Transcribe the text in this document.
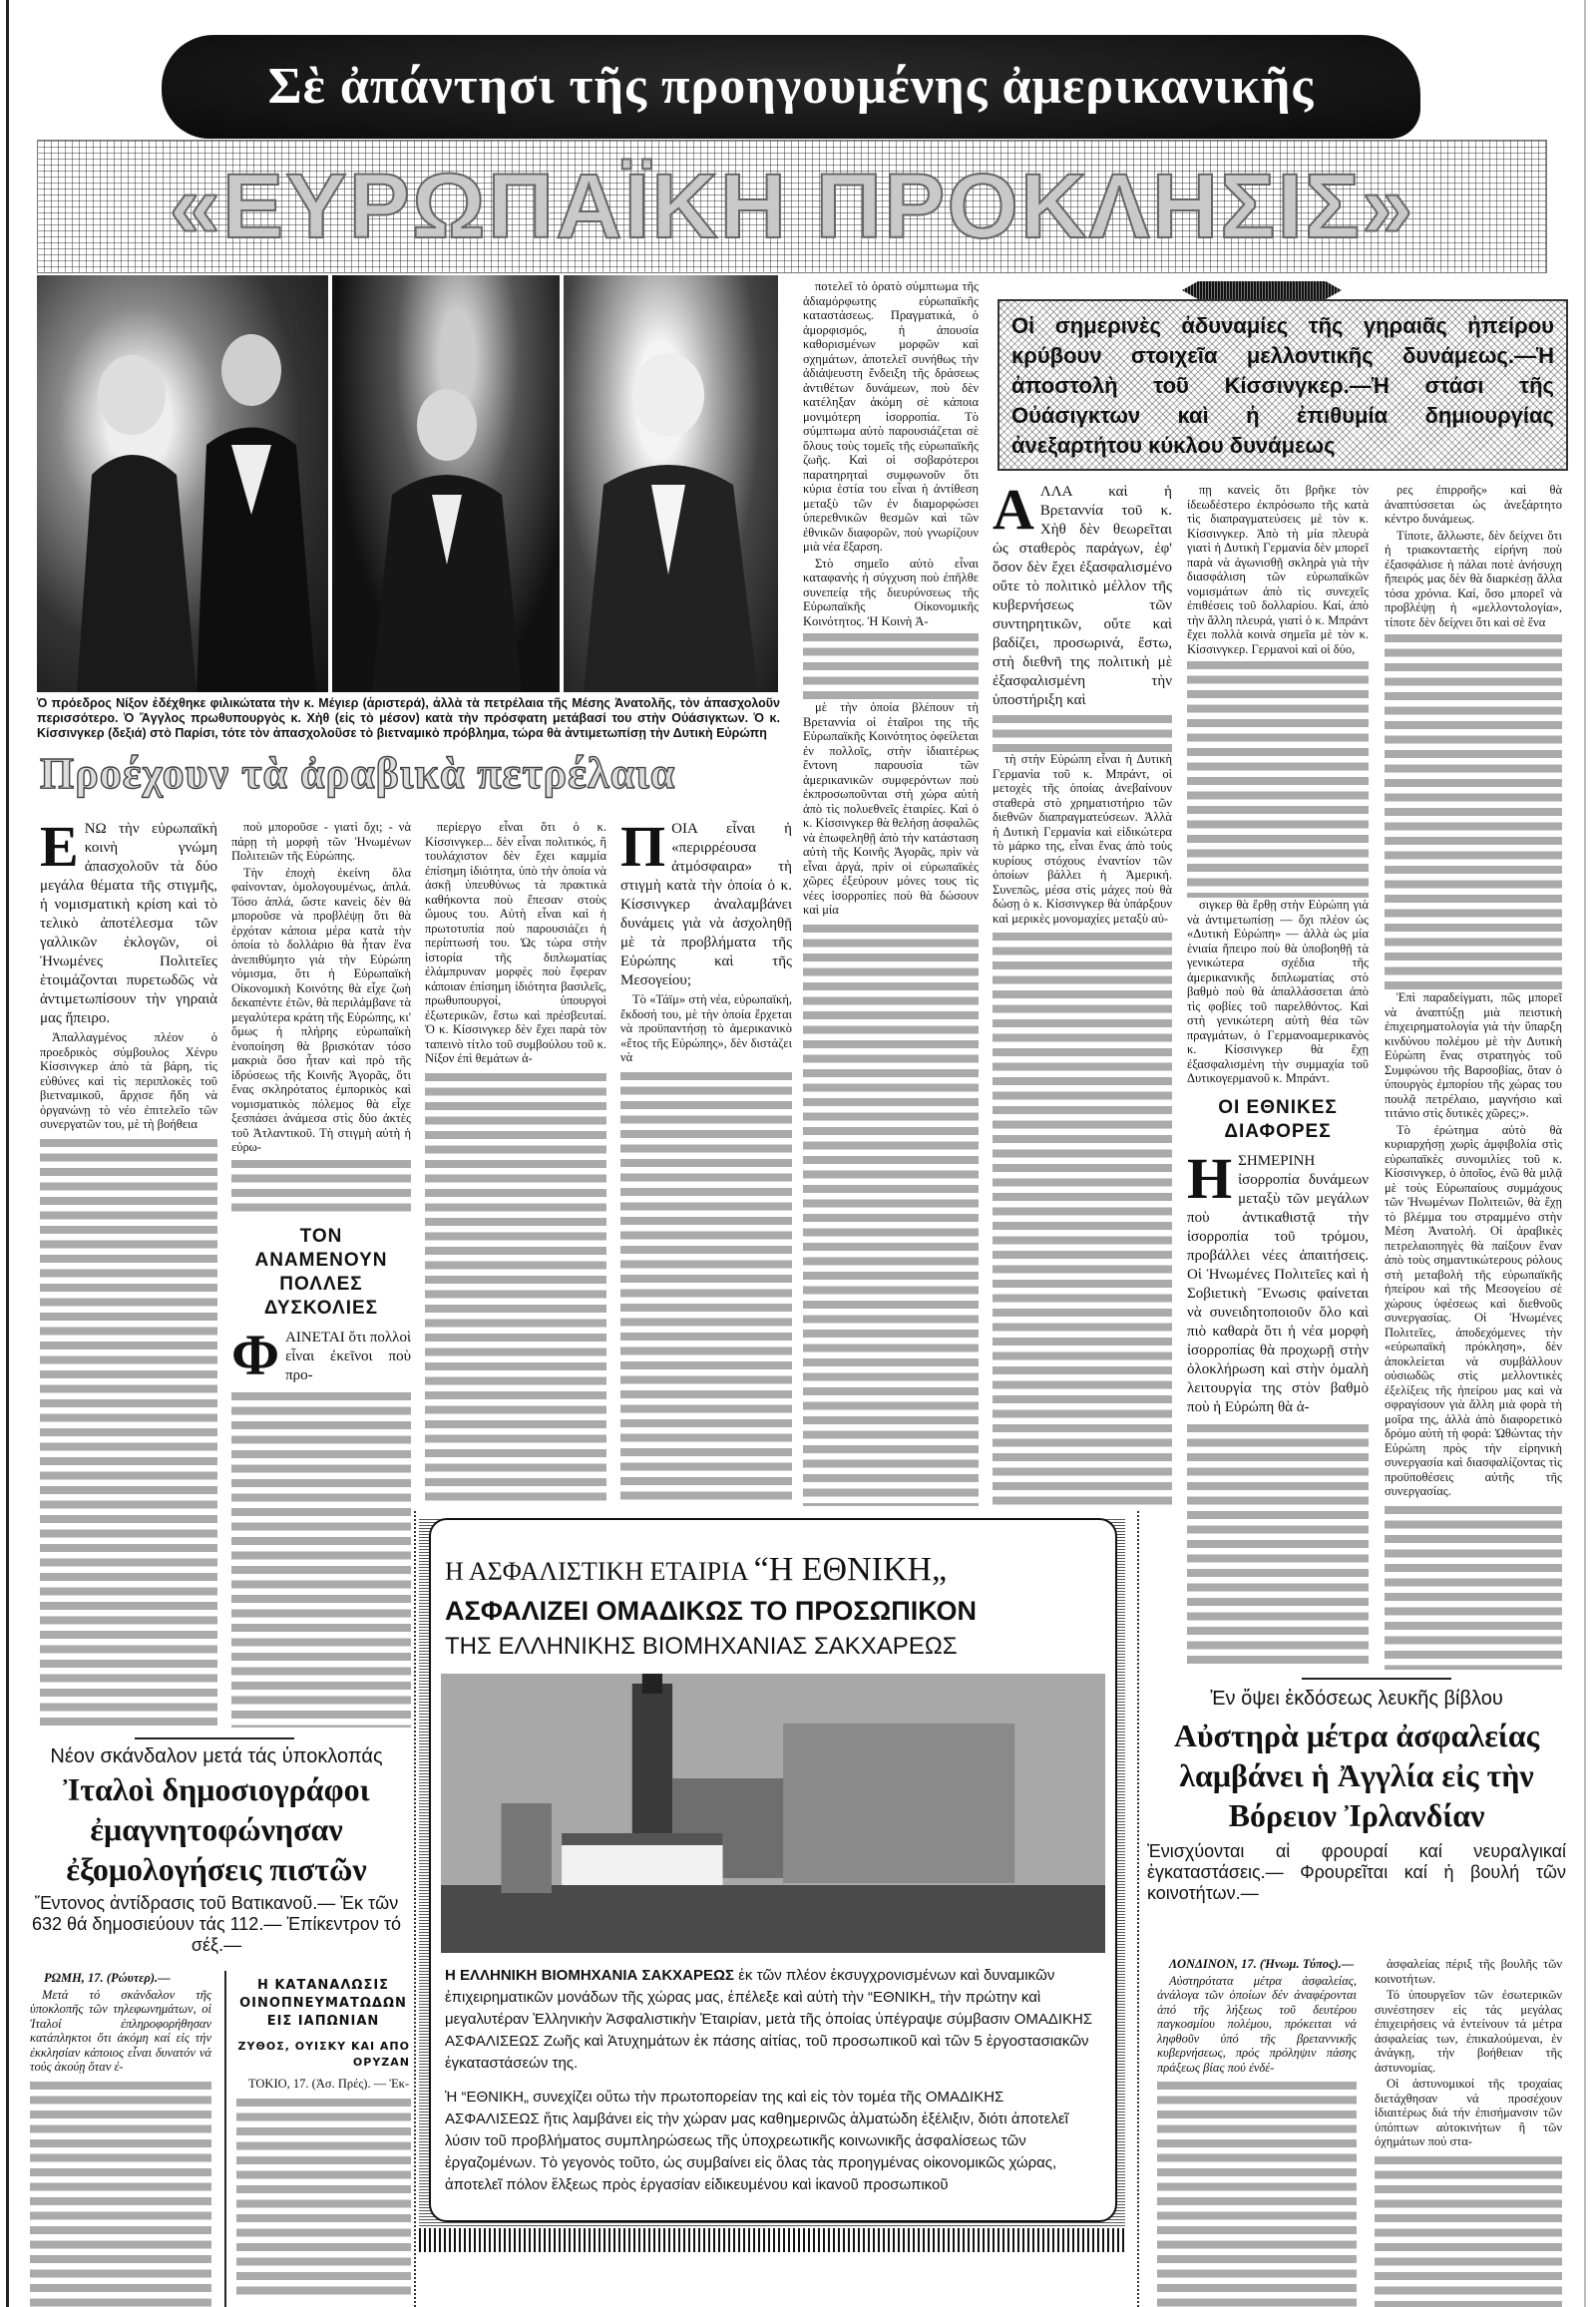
Σὲ ἀπάντησι τῆς προηγουμένης ἀμερικανικῆς
«ΕΥΡΩΠΑΪΚΗ ΠΡΟΚΛΗΣΙΣ»
Ὁ πρόεδρος Νίξον ἐδέχθηκε φιλικώτατα τὴν κ. Μέγιερ (ἀριστερά), ἀλλὰ τὰ πετρέλαια τῆς Μέσης Ἀνατολῆς, τὸν ἀπασχολοῦν περισσότερο. Ὁ Ἄγγλος πρωθυπουργὸς κ. Χὴθ (εἰς τὸ μέσον) κατὰ τὴν πρόσφατη μετάβασί του στὴν Οὐάσιγκτων. Ὁ κ. Κίσσινγκερ (δεξιά) στὸ Παρίσι, τότε τὸν ἀπασχολοῦσε τὸ βιετναμικὸ πρόβλημα, τώρα θὰ ἀντιμετωπίσῃ τὴν Δυτικὴ Εὐρώπη
Προέχουν τὰ ἀραβικὰ πετρέλαια
Οἱ σημερινὲς ἀδυναμίες τῆς γηραιᾶς ἠπείρου κρύβουν στοιχεῖα μελλοντικῆς δυνάμεως.—Ἡ ἀποστολὴ τοῦ Κίσσινγκερ.—Ἡ στάσι τῆς Οὐάσιγκτων καὶ ἡ ἐπιθυμία δημιουργίας ἀνεξαρτήτου κύκλου δυνάμεως
Ε ΝΩ τὴν εὐρωπαϊκὴ κοινὴ γνώμη ἀπασχολοῦν τὰ δύο μεγάλα θέματα τῆς στιγμῆς, ἡ νομισματικὴ κρίση καὶ τὸ τελικὸ ἀποτέλεσμα τῶν γαλλικῶν ἐκλογῶν, οἱ Ἡνωμένες Πολιτεῖες ἑτοιμάζονται πυρετωδῶς νὰ ἀντιμετωπίσουν τὴν γηραιὰ μας ἤπειρο.

Ἀπαλλαγμένος πλέον ὁ προεδρικὸς σύμβουλος Χένρυ Κίσσινγκερ ἀπὸ τὰ βάρη, τὶς εὐθύνες καὶ τὶς περιπλοκὲς τοῦ βιετναμικοῦ, ἄρχισε ἤδη νὰ ὀργανώνῃ τὸ νέο ἐπιτελεῖο τῶν συνεργατῶν του, μὲ τὴ βοήθεια

ποὺ μποροῦσε - γιατὶ ὄχι; - νὰ πάρῃ τὴ μορφὴ τῶν Ἡνωμένων Πολιτειῶν τῆς Εὐρώπης.

Τὴν ἐποχὴ ἐκείνη ὅλα φαίνονταν, ὁμολογουμένως, ἁπλά. Τόσο ἁπλά, ὥστε κανεὶς δὲν θὰ μποροῦσε νὰ προβλέψῃ ὅτι θὰ ἐρχόταν κάποια μέρα κατὰ τὴν ὁποία τὸ δολλάριο θὰ ἦταν ἕνα ἀνεπιθύμητο γιὰ τὴν Εὐρώπη νόμισμα, ὅτι ἡ Εὐρωπαϊκὴ Οἰκονομικὴ Κοινότης θὰ εἶχε ζωὴ δεκαπέντε ἐτῶν, θὰ περιλάμβανε τὰ μεγαλύτερα κράτη τῆς Εὐρώπης, κι' ὅμως ἡ πλήρης εὐρωπαϊκὴ ἑνοποίηση θὰ βρισκόταν τόσο μακριὰ ὅσο ἦταν καὶ πρὸ τῆς ἱδρύσεως τῆς Κοινῆς Ἀγορᾶς, ὅτι ἕνας σκληρότατος ἐμπορικὸς καὶ νομισματικὸς πόλεμος θὰ εἶχε ξεσπάσει ἀνάμεσα στὶς δύο ἀκτὲς τοῦ Ἀτλαντικοῦ. Τὴ στιγμὴ αὐτὴ ἡ εὐρω-

ΤΟΝ ΑΝΑΜΕΝΟΥΝ ΠΟΛΛΕΣ ΔΥΣΚΟΛΙΕΣ
Φ ΑΙΝΕΤΑΙ ὅτι πολλοὶ εἶναι ἐκεῖνοι ποὺ προ-

περίεργο εἶναι ὅτι ὁ κ. Κίσσινγκερ... δὲν εἶναι πολιτικός, ἢ τουλάχιστον δὲν ἔχει καμμία ἐπίσημη ἰδιότητα, ὑπὸ τὴν ὁποία νὰ ἀσκῇ ὑπευθύνως τὰ πρακτικὰ καθήκοντα ποὺ ἔπεσαν στοὺς ὤμους του. Αὐτὴ εἶναι καὶ ἡ πρωτοτυπία ποὺ παρουσιάζει ἡ περίπτωσή του. Ὡς τώρα στὴν ἱστορία τῆς διπλωματίας ἐλάμπρυναν μορφὲς ποὺ ἔφεραν κάποιαν ἐπίσημη ἰδιότητα βασιλεῖς, πρωθυπουργοί, ὑπουργοὶ ἐξωτερικῶν, ἔστω καὶ πρέσβευταί. Ὁ κ. Κίσσινγκερ δὲν ἔχει παρὰ τὸν ταπεινὸ τίτλο τοῦ συμβούλου τοῦ κ. Νίξον ἐπὶ θεμάτων ἀ-

Π ΟΙΑ εἶναι ἡ «περιρρέουσα ἀτμόσφαιρα» τὴ στιγμὴ κατὰ τὴν ὁποία ὁ κ. Κίσσινγκερ ἀναλαμβάνει δυνάμεις γιὰ νὰ ἀσχοληθῇ μὲ τὰ προβλήματα τῆς Εὐρώπης καὶ τῆς Μεσογείου;

Τὸ «Τάϊμ» στὴ νέα, εὐρωπαϊκή, ἔκδοσή του, μὲ τὴν ὁποία ἔρχεται νὰ προϋπαντήσῃ τὸ ἀμερικανικὸ «ἔτος τῆς Εὐρώπης», δὲν διστάζει νὰ

ποτελεῖ τὸ ὁρατὸ σύμπτωμα τῆς ἀδιαμόρφωτης εὐρωπαϊκῆς καταστάσεως. Πραγματικά, ὁ ἀμορφισμός, ἡ ἀπουσία καθορισμένων μορφῶν καὶ σχημάτων, ἀποτελεῖ συνήθως τὴν ἀδιάψευστη ἔνδειξη τῆς δράσεως ἀντιθέτων δυνάμεων, ποὺ δὲν κατέληξαν ἀκόμη σὲ κάποια μονιμότερη ἰσορροπία. Τὸ σύμπτωμα αὐτὸ παρουσιάζεται σὲ ὅλους τοὺς τομεῖς τῆς εὐρωπαϊκῆς ζωῆς. Καὶ οἱ σοβαρότεροι παρατηρηταὶ συμφωνοῦν ὅτι κύρια ἑστία του εἶναι ἡ ἀντίθεση μεταξὺ τῶν ἐν διαμορφώσει ὑπερεθνικῶν θεσμῶν καὶ τῶν ἐθνικῶν διαφορῶν, ποὺ γνωρίζουν μιὰ νέα ἔξαρση.

Στὸ σημεῖο αὐτὸ εἶναι καταφανὴς ἡ σύγχυση ποὺ ἐπῆλθε συνεπείᾳ τῆς διευρύνσεως τῆς Εὐρωπαϊκῆς Οἰκονομικῆς Κοινότητος. Ἡ Κοινὴ Ἀ-

μὲ τὴν ὁποία βλέπουν τὴ Βρεταννία οἱ ἑταῖροι της τῆς Εὐρωπαϊκῆς Κοινότητος ὀφείλεται ἐν πολλοῖς, στὴν ἰδιαιτέρως ἔντονη παρουσία τῶν ἀμερικανικῶν συμφερόντων ποὺ ἐκπροσωποῦνται στὴ χώρα αὐτὴ ἀπὸ τὶς πολυεθνεῖς ἑταιρίες. Καὶ ὁ κ. Κίσσινγκερ θὰ θελήσῃ ἀσφαλῶς νὰ ἐπωφεληθῇ ἀπὸ τὴν κατάσταση αὐτὴ τῆς Κοινῆς Ἀγορᾶς, πρὶν νὰ εἶναι ἀργά, πρὶν οἱ εὐρωπαϊκὲς χῶρες ἐξεύρουν μόνες τους τὶς νέες ἰσορροπίες ποὺ θὰ δώσουν καὶ μία

Α ΛΛΑ καὶ ἡ Βρεταννία τοῦ κ. Χὴθ δὲν θεωρεῖται ὡς σταθερὸς παράγων, ἐφ' ὅσον δὲν ἔχει ἐξασφαλισμένο οὔτε τὸ πολιτικὸ μέλλον τῆς κυβερνήσεως τῶν συντηρητικῶν, οὔτε καὶ βαδίζει, προσωρινά, ἔστω, στὴ διεθνῆ της πολιτικὴ μὲ ἐξασφαλισμένη τὴν ὑποστήριξη καὶ

τὴ στὴν Εὐρώπη εἶναι ἡ Δυτικὴ Γερμανία τοῦ κ. Μπράντ, οἱ μετοχὲς τῆς ὁποίας ἀνεβαίνουν σταθερὰ στὸ χρηματιστήριο τῶν διεθνῶν διαπραγματεύσεων. Ἀλλὰ ἡ Δυτικὴ Γερμανία καὶ εἰδικώτερα τὸ μάρκο της, εἶναι ἕνας ἀπὸ τοὺς κυρίους στόχους ἐναντίον τῶν ὁποίων βάλλει ἡ Ἀμερική. Συνεπῶς, μέσα στὶς μάχες ποὺ θὰ δώσῃ ὁ κ. Κίσσινγκερ θὰ ὑπάρξουν καὶ μερικὲς μονομαχίες μεταξὺ αὐ-

πῃ κανεὶς ὅτι βρῆκε τὸν ἰδεωδέστερο ἐκπρόσωπο τῆς κατὰ τὶς διαπραγματεύσεις μὲ τὸν κ. Κίσσινγκερ. Ἀπὸ τὴ μία πλευρὰ γιατὶ ἡ Δυτικὴ Γερμανία δὲν μπορεῖ παρὰ νὰ ἀγωνισθῇ σκληρὰ γιὰ τὴν διασφάλιση τῶν εὐρωπαϊκῶν νομισμάτων ἀπὸ τὶς συνεχεῖς ἐπιθέσεις τοῦ δολλαρίου. Καί, ἀπὸ τὴν ἄλλη πλευρά, γιατὶ ὁ κ. Μπράντ ἔχει πολλὰ κοινὰ σημεῖα μὲ τὸν κ. Κίσσινγκερ. Γερμανοὶ καὶ οἱ δύο,

σιγκερ θὰ ἔρθῃ στὴν Εὐρώπη γιὰ νὰ ἀντιμετωπίσῃ — ὄχι πλέον ὡς «Δυτικὴ Εὐρώπη» — ἀλλὰ ὡς μία ἑνιαία ἤπειρο ποὺ θὰ ὑποβοηθῇ τὰ γενικώτερα σχέδια τῆς ἀμερικανικῆς διπλωματίας στὸ βαθμὸ ποὺ θὰ ἀπαλλάσσεται ἀπὸ τὶς φοβίες τοῦ παρελθόντος. Καὶ στὴ γενικώτερη αὐτὴ θέα τῶν πραγμάτων, ὁ Γερμανοαμερικανὸς κ. Κίσσινγκερ θὰ ἔχῃ ἐξασφαλισμένη τὴν συμμαχία τοῦ Δυτικογερμανοῦ κ. Μπράντ.

ΟΙ ΕΘΝΙΚΕΣ ΔΙΑΦΟΡΕΣ
Η ΣΗΜΕΡΙΝΗ ἰσορροπία δυνάμεων μεταξὺ τῶν μεγάλων ποὺ ἀντικαθιστᾷ τὴν ἰσορροπία τοῦ τρόμου, προβάλλει νέες ἀπαιτήσεις. Οἱ Ἡνωμένες Πολιτεῖες καὶ ἡ Σοβιετικὴ Ἕνωσις φαίνεται νὰ συνειδητοποιοῦν ὅλο καὶ πιὸ καθαρὰ ὅτι ἡ νέα μορφὴ ἰσορροπίας θὰ προχωρῇ στὴν ὁλοκλήρωση καὶ στὴν ὁμαλὴ λειτουργία της στὸν βαθμὸ ποὺ ἡ Εὐρώπη θὰ ἀ-

ρες ἐπιρροῆς» καὶ θὰ ἀναπτύσσεται ὡς ἀνεξάρτητο κέντρο δυνάμεως.

Τίποτε, ἄλλωστε, δὲν δείχνει ὅτι ἡ τριακονταετὴς εἰρήνη ποὺ ἐξασφάλισε ἡ πάλαι ποτὲ ἀνήσυχη ἤπειρός μας δὲν θὰ διαρκέσῃ ἄλλα τόσα χρόνια. Καί, ὅσο μπορεῖ νὰ προβλέψῃ ἡ «μελλοντολογία», τίποτε δὲν δείχνει ὅτι καὶ σὲ ἕνα

Ἐπὶ παραδείγματι, πῶς μπορεῖ νὰ ἀναπτύξῃ μιὰ πειστικὴ ἐπιχειρηματολογία γιὰ τὴν ὕπαρξη κινδύνου πολέμου μὲ τὴν Δυτικὴ Εὐρώπη ἕνας στρατηγὸς τοῦ Συμφώνου τῆς Βαρσοβίας, ὅταν ὁ ὑπουργὸς ἐμπορίου τῆς χώρας του πουλᾷ πετρέλαιο, μαγνήσιο καὶ τιτάνιο στὶς δυτικὲς χῶρες;».

Τὸ ἐρώτημα αὐτὸ θὰ κυριαρχήσῃ χωρὶς ἀμφιβολία στὶς εὐρωπαϊκὲς συνομιλίες τοῦ κ. Κίσσινγκερ, ὁ ὁποῖος, ἐνῶ θὰ μιλᾷ μὲ τοὺς Εὐρωπαίους συμμάχους τῶν Ἡνωμένων Πολιτειῶν, θὰ ἔχῃ τὸ βλέμμα του στραμμένο στὴν Μέση Ἀνατολή. Οἱ ἀραβικὲς πετρελαιοπηγὲς θὰ παίξουν ἕναν ἀπὸ τοὺς σημαντικώτερους ρόλους στὴ μεταβολὴ τῆς εὐρωπαϊκῆς ἠπείρου καὶ τῆς Μεσογείου σὲ χώρους ὑφέσεως καὶ διεθνοῦς συνεργασίας. Οἱ Ἡνωμένες Πολιτεῖες, ἀποδεχόμενες τὴν «εὐρωπαϊκὴ πρόκληση», δὲν ἀποκλείεται νὰ συμβάλλουν οὐσιωδῶς στὶς μελλοντικὲς ἐξελίξεις τῆς ἠπείρου μας καὶ νὰ σφραγίσουν γιὰ ἄλλη μιὰ φορὰ τὴ μοῖρα της, ἀλλὰ ἀπὸ διαφορετικὸ δρόμο αὐτὴ τὴ φορά: Ὠθώντας τὴν Εὐρώπη πρὸς τὴν εἰρηνικὴ συνεργασία καὶ διασφαλίζοντας τὶς προϋποθέσεις αὐτῆς τῆς συνεργασίας.

Νέον σκάνδαλον μετά τάς ὑποκλοπάς
Ἰταλοὶ δημοσιογράφοι ἐμαγνητοφώνησαν ἐξομολογήσεις πιστῶν
Ἔντονος ἀντίδρασις τοῦ Βατικανοῦ.— Ἐκ τῶν 632 θά δημοσιεύουν τάς 112.— Ἐπίκεντρον τό σέξ.—

ΡΩΜΗ, 17. (Ρώυτερ).—

Μετά τό σκάνδαλον τῆς ὑποκλοπῆς τῶν τηλεφωνημάτων, οἱ Ἰταλοί ἐπληροφορήθησαν κατάπληκτοι ὅτι ἀκόμη καί εἰς τήν ἐκκλησίαν κάποιος εἶναι δυνατόν νά τούς ἀκούῃ ὅταν ἐ-

Η ΚΑΤΑΝΑΛΩΣΙΣ ΟΙΝΟΠΝΕΥΜΑΤΩΔΩΝ ΕΙΣ ΙΑΠΩΝΙΑΝ
ΖΥΘΟΣ, ΟΥΙΣΚΥ ΚΑΙ ΑΠΟ ΟΡΥΖΑΝ

ΤΟΚΙΟ, 17. (Ἀσ. Πρές). — Ἐκ-

Η ΑΣΦΑΛΙΣΤΙΚΗ ΕΤΑΙΡΙΑ “Η ΕΘΝΙΚΗ„
ΑΣΦΑΛΙΖΕΙ ΟΜΑΔΙΚΩΣ ΤΟ ΠΡΟΣΩΠΙΚΟΝ
ΤΗΣ ΕΛΛΗΝΙΚΗΣ ΒΙΟΜΗΧΑΝΙΑΣ ΣΑΚΧΑΡΕΩΣ
Η ΕΛΛΗΝΙΚΗ ΒΙΟΜΗΧΑΝΙΑ ΣΑΚΧΑΡΕΩΣ ἐκ τῶν πλέον ἐκσυγχρονισμένων καὶ δυναμικῶν ἐπιχειρηματικῶν μονάδων τῆς χώρας μας, ἐπέλεξε καὶ αὐτὴ τὴν “ΕΘΝΙΚΗ„ τὴν πρώτην καὶ μεγαλυτέραν Ἑλληνικὴν Ἀσφαλιστικὴν Ἑταιρίαν, μετὰ τῆς ὁποίας ὑπέγραψε σύμβασιν ΟΜΑΔΙΚΗΣ ΑΣΦΑΛΙΣΕΩΣ Ζωῆς καὶ Ἀτυχημάτων ἐκ πάσης αἰτίας, τοῦ προσωπικοῦ καὶ τῶν 5 ἐργοστασιακῶν ἐγκαταστάσεών της.
Ἡ “ΕΘΝΙΚΗ„ συνεχίζει οὕτω τὴν πρωτοπορείαν της καὶ εἰς τὸν τομέα τῆς ΟΜΑΔΙΚΗΣ ΑΣΦΑΛΙΣΕΩΣ ἥτις λαμβάνει εἰς τὴν χώραν μας καθημερινῶς ἁλματώδη ἐξέλιξιν, διότι ἀποτελεῖ λύσιν τοῦ προβλήματος συμπληρώσεως τῆς ὑποχρεωτικῆς κοινωνικῆς ἀσφαλίσεως τῶν ἐργαζομένων. Τὸ γεγονὸς τοῦτο, ὡς συμβαίνει εἰς ὅλας τὰς προηγμένας οἰκονομικῶς χώρας, ἀποτελεῖ πόλον ἕλξεως πρὸς ἐργασίαν εἰδικευμένου καὶ ἱκανοῦ προσωπικοῦ
Ἐν ὄψει ἐκδόσεως λευκῆς βίβλου
Αὐστηρὰ μέτρα ἀσφαλείας λαμβάνει ἡ Ἀγγλία εἰς τὴν Βόρειον Ἰρλανδίαν
Ἐνισχύονται αἱ φρουραί καί νευραλγικαί ἐγκαταστάσεις.— Φρουρεῖται καί ἡ βουλή τῶν κοινοτήτων.—

ΛΟΝΔΙΝΟΝ, 17. (Ἡνωμ. Τύπος).—

Αὐστηρότατα μέτρα ἀσφαλείας, ἀνάλογα τῶν ὁποίων δέν ἀναφέρονται ἀπό τῆς λήξεως τοῦ δευτέρου παγκοσμίου πολέμου, πρόκειται νά ληφθοῦν ὑπό τῆς βρεταννικῆς κυβερνήσεως, πρός πρόληψιν πάσης πράξεως βίας πού ἐνδέ-

ἀσφαλείας πέριξ τῆς βουλῆς τῶν κοινοτήτων.

Τό ὑπουργεῖον τῶν ἐσωτερικῶν συνέστησεν εἰς τάς μεγάλας ἐπιχειρήσεις νά ἐντείνουν τά μέτρα ἀσφαλείας των, ἐπικαλούμεναι, ἐν ἀνάγκῃ, τήν βοήθειαν τῆς ἀστυνομίας.

Οἱ ἀστυνομικοί τῆς τροχαίας διετάχθησαν νά προσέχουν ἰδιαιτέρως διά τήν ἐπισήμανσιν τῶν ὑπόπτων αὐτοκινήτων ἢ τῶν ὀχημάτων πού στα-
